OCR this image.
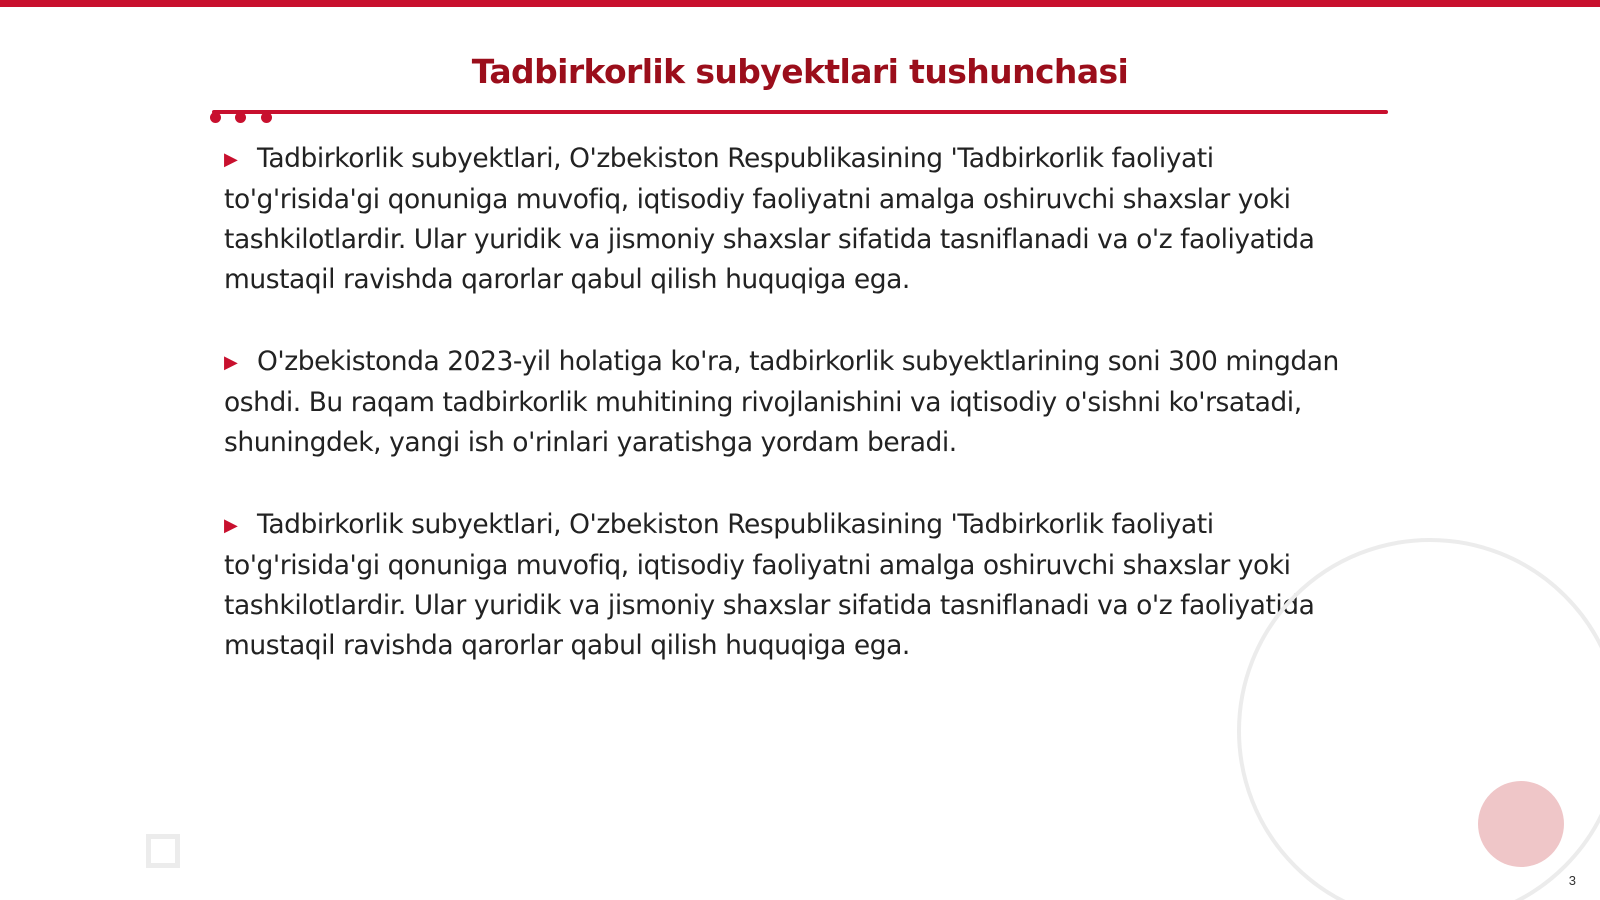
Tadbirkorlik subyektlari tushunchasi

▶ Tadbirkorlik subyektlari, O'zbekiston Respublikasining 'Tadbirkorlik faoliyati to'g'risida'gi qonuniga muvofiq, iqtisodiy faoliyatni amalga oshiruvchi shaxslar yoki tashkilotlardir. Ular yuridik va jismoniy shaxslar sifatida tasniflanadi va o'z faoliyatida mustaqil ravishda qarorlar qabul qilish huquqiga ega.

▶ O'zbekistonda 2023-yil holatiga ko'ra, tadbirkorlik subyektlarining soni 300 mingdan oshdi. Bu raqam tadbirkorlik muhitining rivojlanishini va iqtisodiy o'sishni ko'rsatadi, shuningdek, yangi ish o'rinlari yaratishga yordam beradi.

▶ Tadbirkorlik subyektlari, O'zbekiston Respublikasining 'Tadbirkorlik faoliyati to'g'risida'gi qonuniga muvofiq, iqtisodiy faoliyatni amalga oshiruvchi shaxslar yoki tashkilotlardir. Ular yuridik va jismoniy shaxslar sifatida tasniflanadi va o'z faoliyatida mustaqil ravishda qarorlar qabul qilish huquqiga ega.

3
